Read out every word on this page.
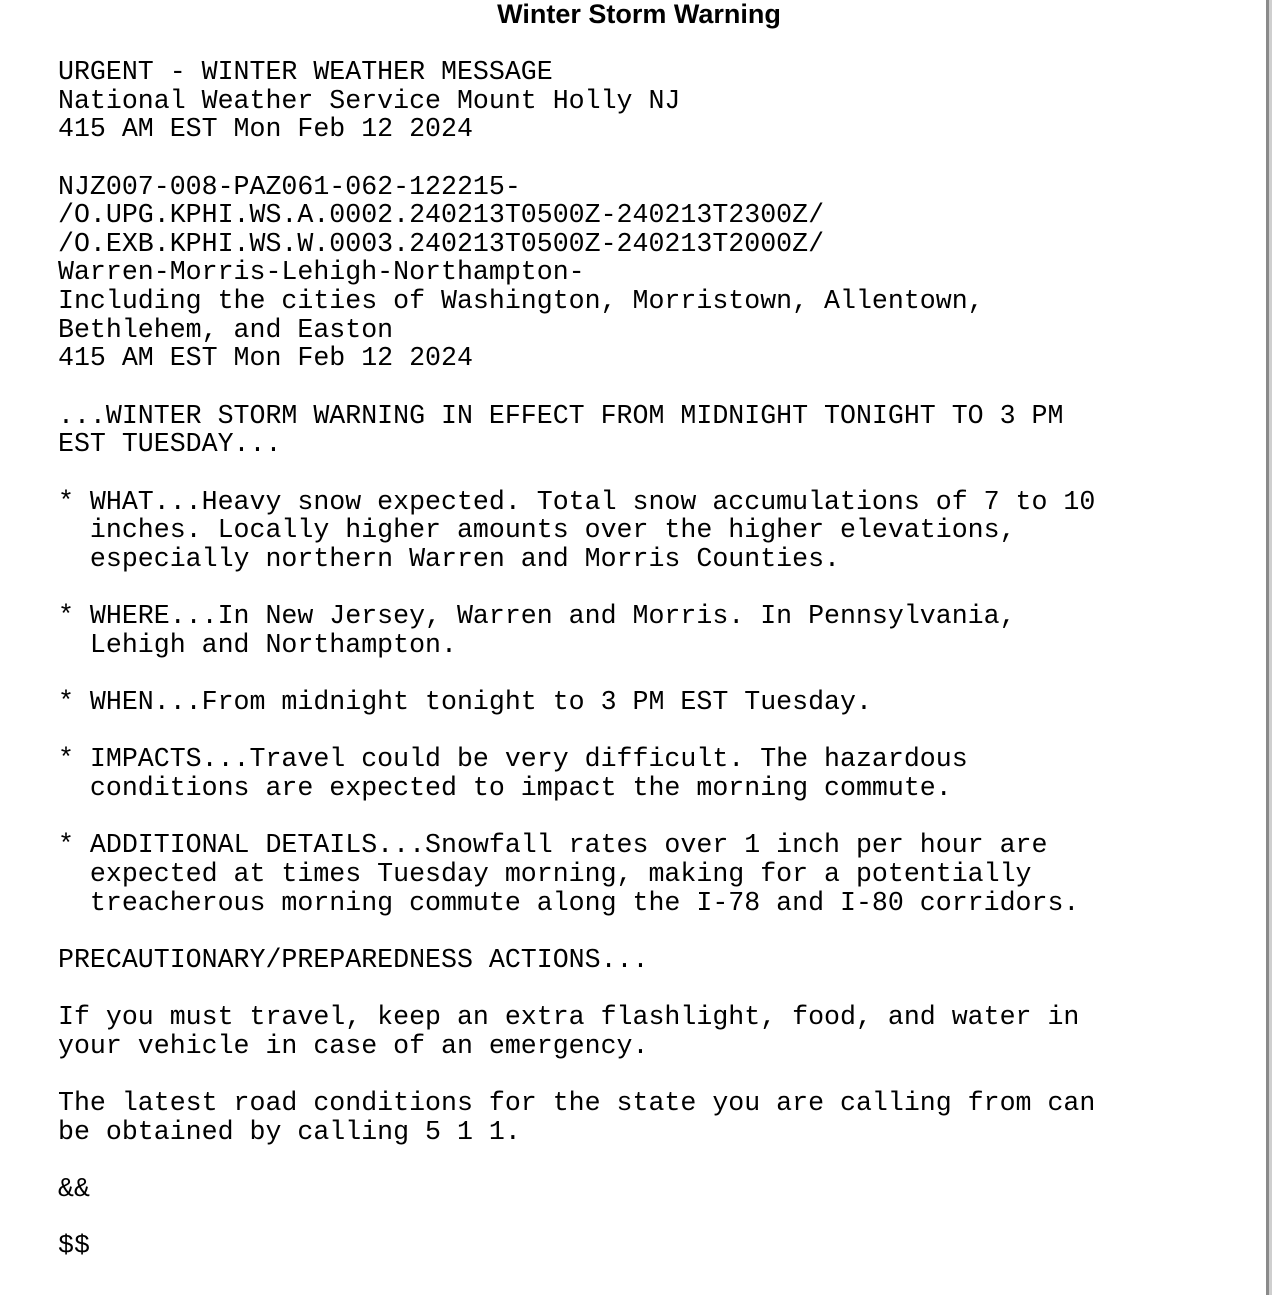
Winter Storm Warning
URGENT - WINTER WEATHER MESSAGE
National Weather Service Mount Holly NJ
415 AM EST Mon Feb 12 2024

NJZ007-008-PAZ061-062-122215-
/O.UPG.KPHI.WS.A.0002.240213T0500Z-240213T2300Z/
/O.EXB.KPHI.WS.W.0003.240213T0500Z-240213T2000Z/
Warren-Morris-Lehigh-Northampton-
Including the cities of Washington, Morristown, Allentown,
Bethlehem, and Easton
415 AM EST Mon Feb 12 2024

...WINTER STORM WARNING IN EFFECT FROM MIDNIGHT TONIGHT TO 3 PM
EST TUESDAY...

* WHAT...Heavy snow expected. Total snow accumulations of 7 to 10
inches. Locally higher amounts over the higher elevations,
especially northern Warren and Morris Counties.

* WHERE...In New Jersey, Warren and Morris. In Pennsylvania,
Lehigh and Northampton.

* WHEN...From midnight tonight to 3 PM EST Tuesday.

* IMPACTS...Travel could be very difficult. The hazardous
conditions are expected to impact the morning commute.

* ADDITIONAL DETAILS...Snowfall rates over 1 inch per hour are
expected at times Tuesday morning, making for a potentially
treacherous morning commute along the I-78 and I-80 corridors.

PRECAUTIONARY/PREPAREDNESS ACTIONS...

If you must travel, keep an extra flashlight, food, and water in
your vehicle in case of an emergency.

The latest road conditions for the state you are calling from can
be obtained by calling 5 1 1.

&&

$$
